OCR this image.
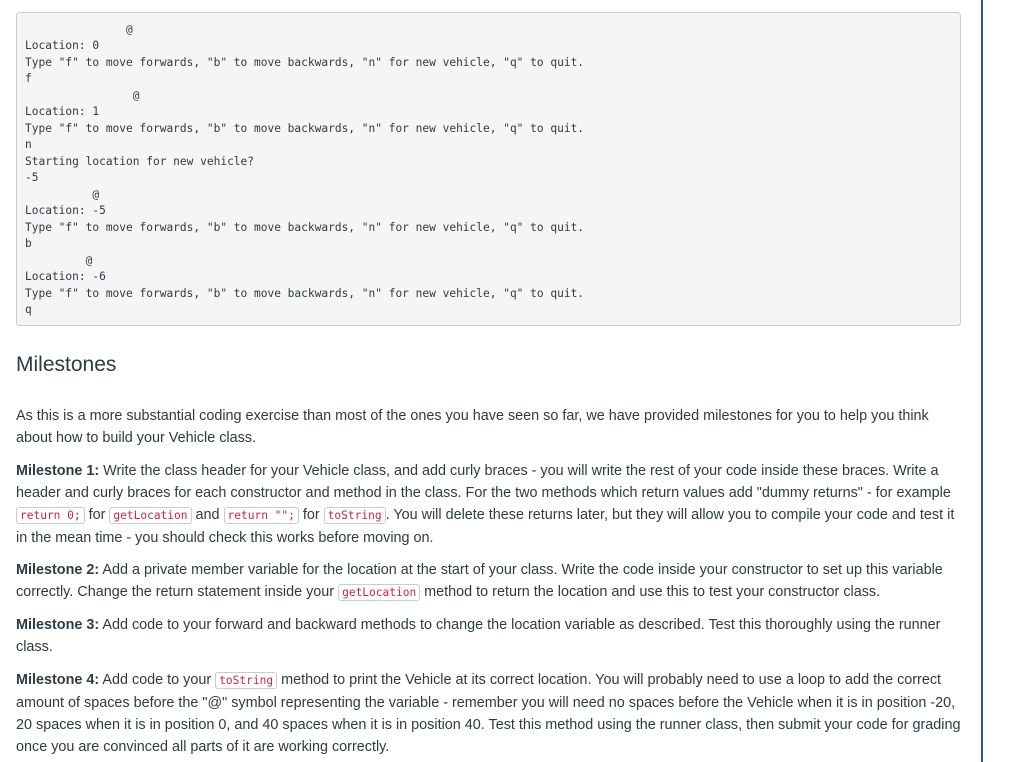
@
Location: 0
Type "f" to move forwards, "b" to move backwards, "n" for new vehicle, "q" to quit.
f
@
Location: 1
Type "f" to move forwards, "b" to move backwards, "n" for new vehicle, "q" to quit.
n
Starting location for new vehicle?
-5
@
Location: -5
Type "f" to move forwards, "b" to move backwards, "n" for new vehicle, "q" to quit.
b
@
Location: -6
Type "f" to move forwards, "b" to move backwards, "n" for new vehicle, "q" to quit.
q
Milestones

As this is a more substantial coding exercise than most of the ones you have seen so far, we have provided milestones for you to help you think about how to build your Vehicle class.

Milestone 1: Write the class header for your Vehicle class, and add curly braces - you will write the rest of your code inside these braces. Write a header and curly braces for each constructor and method in the class. For the two methods which return values add "dummy returns" - for example return 0; for getLocation and return ""; for toString . You will delete these returns later, but they will allow you to compile your code and test it in the mean time - you should check this works before moving on.

Milestone 2: Add a private member variable for the location at the start of your class. Write the code inside your constructor to set up this variable correctly. Change the return statement inside your getLocation method to return the location and use this to test your constructor class.

Milestone 3: Add code to your forward and backward methods to change the location variable as described. Test this thoroughly using the runner class.

Milestone 4: Add code to your toString method to print the Vehicle at its correct location. You will probably need to use a loop to add the correct amount of spaces before the "@" symbol representing the variable - remember you will need no spaces before the Vehicle when it is in position -20, 20 spaces when it is in position 0, and 40 spaces when it is in position 40. Test this method using the runner class, then submit your code for grading once you are convinced all parts of it are working correctly.
